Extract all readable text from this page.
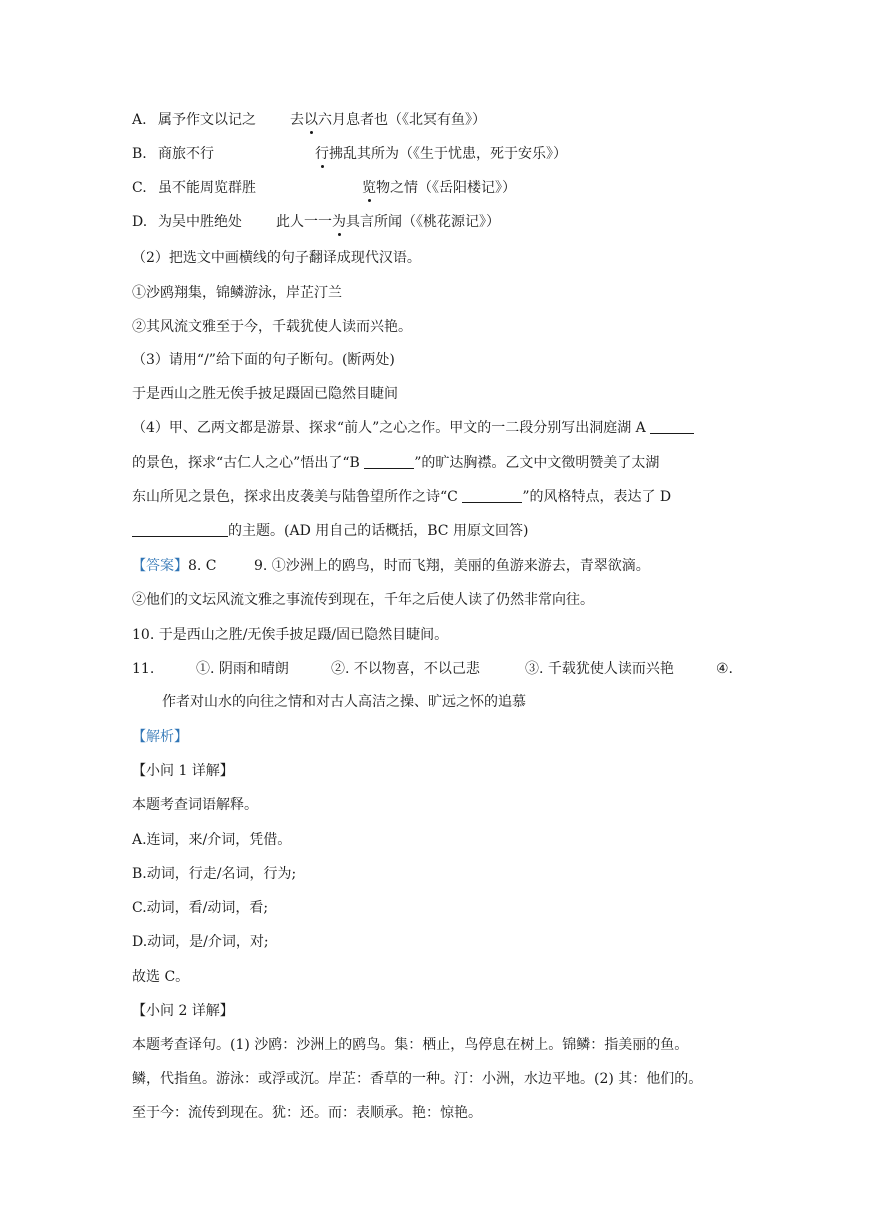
A. 属予作文以记之 去以六月息者也（《北冥有鱼》）
B. 商旅不行	行拂乱其所为（《生于忧患，死于安乐》）
C. 虽不能周览群胜	览物之情（《岳阳楼记》）
D. 为吴中胜绝处 此人一一为具言所闻（《桃花源记》）
（2）把选文中画横线的句子翻译成现代汉语。
①沙鸥翔集，锦鳞游泳，岸芷汀兰
②其风流文雅至于今，千载犹使人读而兴艳。
（3）请用“/”给下面的句子断句。(断两处)
于是西山之胜无俟手披足蹑固已隐然目睫间
（4）甲、乙两文都是游景、探求“前人”之心之作。甲文的一二段分别写出洞庭湖 A
的景色，探求“古仁人之心”悟出了“B	”的旷达胸襟。乙文中文徵明赞美了太湖
东山所见之景色，探求出皮袭美与陆鲁望所作之诗“C	”的风格特点，表达了 D
的主题。(AD 用自己的话概括，BC 用原文回答)
【答案】8. C	9. ①沙洲上的鸥鸟，时而飞翔，美丽的鱼游来游去，青翠欲滴。
②他们的文坛风流文雅之事流传到现在，千年之后使人读了仍然非常向往。
10. 于是西山之胜/无俟手披足蹑/固已隐然目睫间。
11.	①. 阴雨和晴朗	②. 不以物喜，不以己悲	③. 千载犹使人读而兴艳	④.
作者对山水的向往之情和对古人高洁之操、旷远之怀的追慕
【解析】
【小问 1 详解】
本题考查词语解释。
A.连词，来/介词，凭借。
B.动词，行走/名词，行为;
C.动词，看/动词，看;
D.动词，是/介词，对;
故选 C。
【小问 2 详解】
本题考查译句。(1) 沙鸥：沙洲上的鸥鸟。集：栖止，鸟停息在树上。锦鳞：指美丽的鱼。
鳞，代指鱼。游泳：或浮或沉。岸芷：香草的一种。汀：小洲，水边平地。(2) 其：他们的。
至于今：流传到现在。犹：还。而：表顺承。艳：惊艳。
